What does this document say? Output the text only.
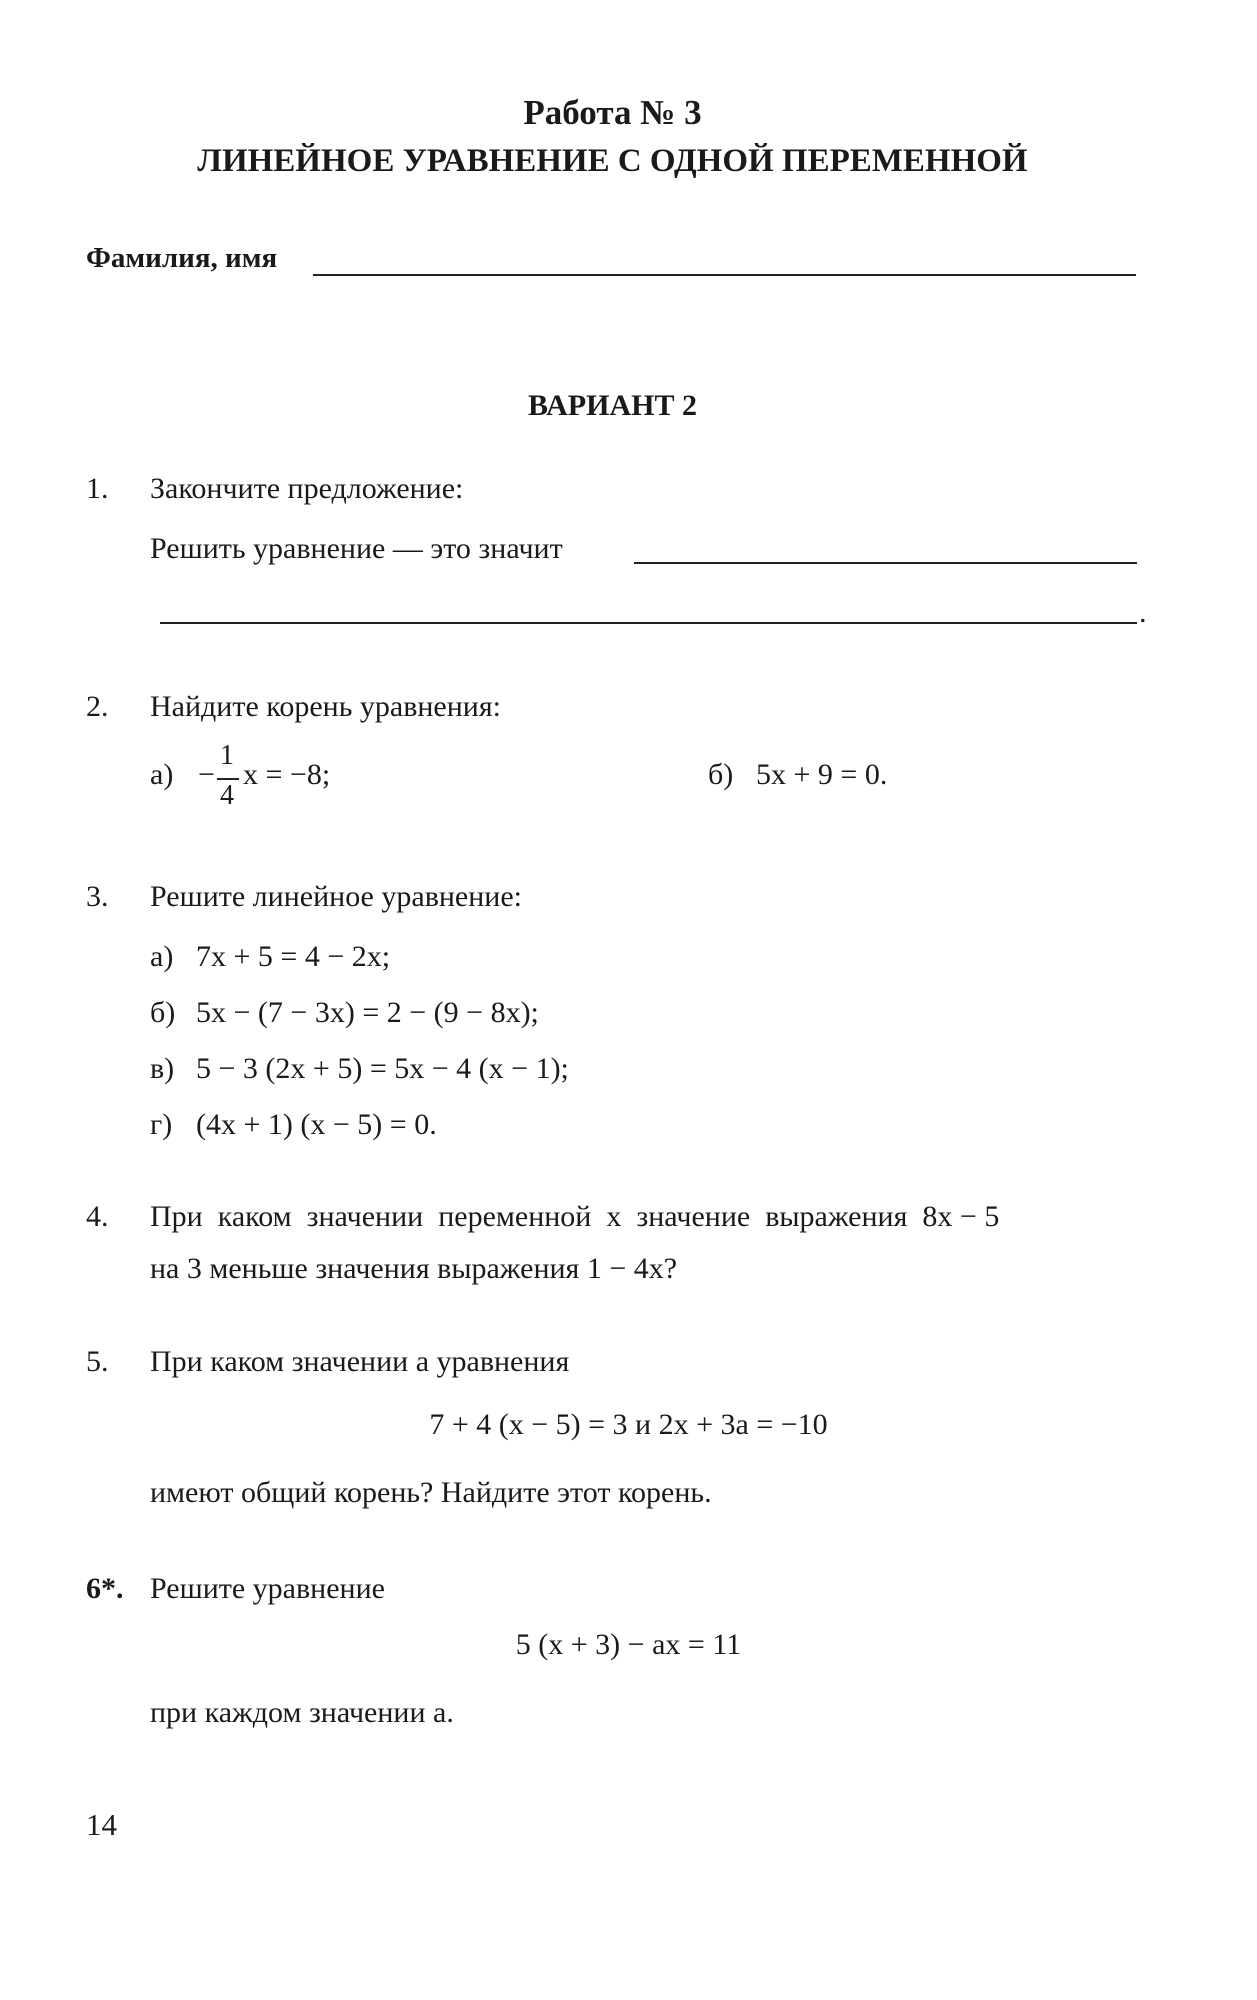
Работа № 3
ЛИНЕЙНОЕ УРАВНЕНИЕ С ОДНОЙ ПЕРЕМЕННОЙ
Фамилия, имя
ВАРИАНТ 2
1. Закончите предложение:
Решить уравнение — это значит
.
2. Найдите корень уравнения:
а) −
1
4
x = −8;	б) 5x + 9 = 0.
3. Решите линейное уравнение:
а) 7x + 5 = 4 − 2x;
б) 5x − (7 − 3x) = 2 − (9 − 8x);
в) 5 − 3 (2x + 5) = 5x − 4 (x − 1);
г) (4x + 1) (x − 5) = 0.
4. При  каком  значении  переменной  x  значение  выражения  8x − 5
на 3 меньше значения выражения 1 − 4x?
5. При каком значении a уравнения
7 + 4 (x − 5) = 3 и 2x + 3a = −10
имеют общий корень? Найдите этот корень.
6*. Решите уравнение
5 (x + 3) − ax = 11
при каждом значении a.
14
